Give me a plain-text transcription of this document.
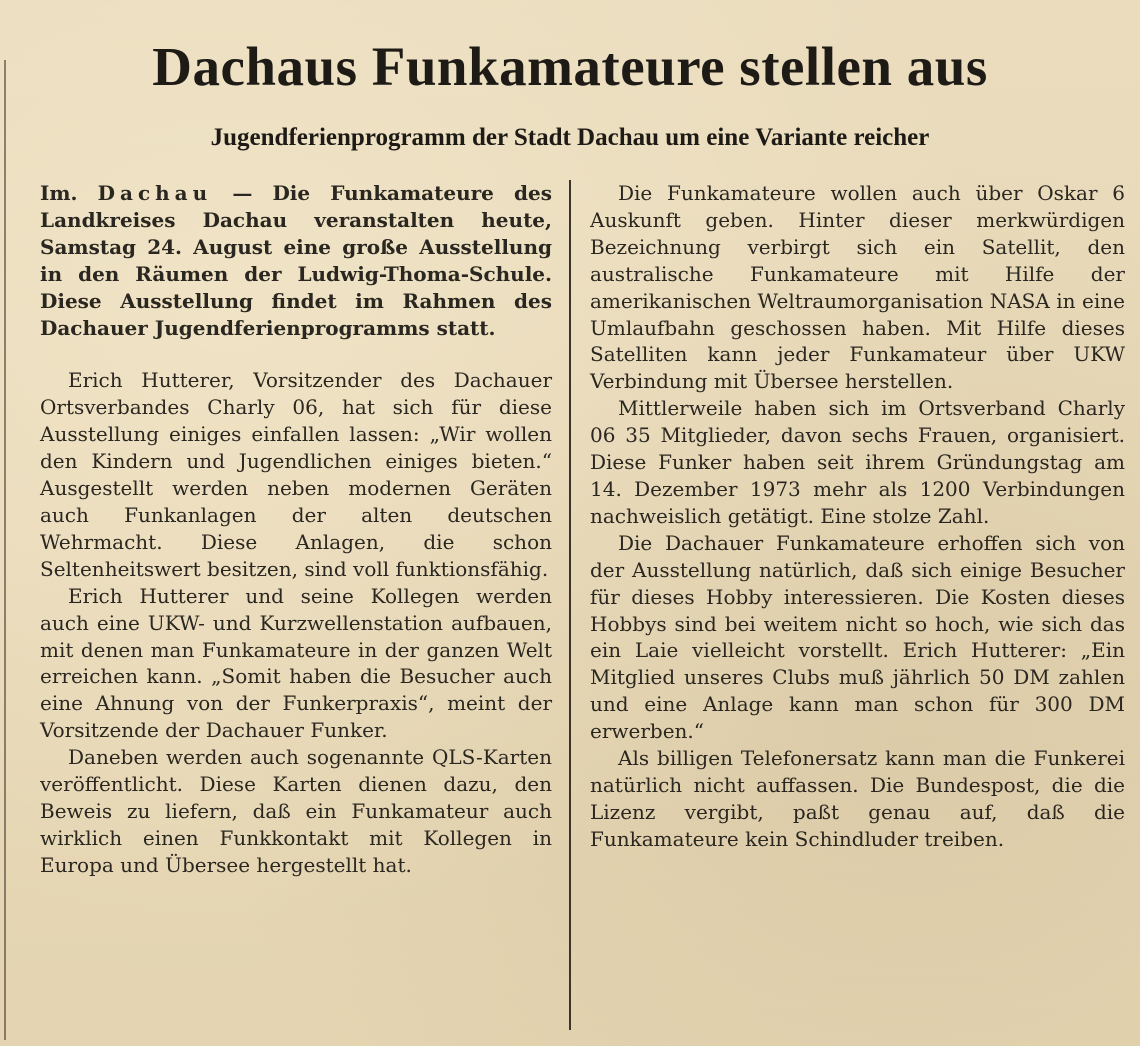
Dachaus Funkamateure stellen aus
Jugendferienprogramm der Stadt Dachau um eine Variante reicher

Im. Dachau — Die Funkamateure des Landkreises Dachau veranstalten heute, Samstag 24. August eine große Ausstellung in den Räumen der Ludwig-Thoma-Schule. Diese Ausstellung findet im Rahmen des Dachauer Jugendferienprogramms statt.

Erich Hutterer, Vorsitzender des Dachauer Ortsverbandes Charly 06, hat sich für diese Ausstellung einiges einfallen lassen: „Wir wollen den Kindern und Jugendlichen einiges bieten.“ Ausgestellt werden neben modernen Geräten auch Funkanlagen der alten deutschen Wehrmacht. Diese Anlagen, die schon Seltenheitswert besitzen, sind voll funktionsfähig.

Erich Hutterer und seine Kollegen werden auch eine UKW- und Kurzwellenstation aufbauen, mit denen man Funkamateure in der ganzen Welt erreichen kann. „Somit haben die Besucher auch eine Ahnung von der Funkerpraxis“, meint der Vorsitzende der Dachauer Funker.

Daneben werden auch sogenannte QLS-Karten veröffentlicht. Diese Karten dienen dazu, den Beweis zu liefern, daß ein Funkamateur auch wirklich einen Funkkontakt mit Kollegen in Europa und Übersee hergestellt hat.

Die Funkamateure wollen auch über Oskar 6 Auskunft geben. Hinter dieser merkwürdigen Bezeichnung verbirgt sich ein Satellit, den australische Funkamateure mit Hilfe der amerikanischen Weltraumorganisation NASA in eine Umlaufbahn geschossen haben. Mit Hilfe dieses Satelliten kann jeder Funkamateur über UKW Verbindung mit Übersee herstellen.

Mittlerweile haben sich im Ortsverband Charly 06 35 Mitglieder, davon sechs Frauen, organisiert. Diese Funker haben seit ihrem Gründungstag am 14. Dezember 1973 mehr als 1200 Verbindungen nachweislich getätigt. Eine stolze Zahl.

Die Dachauer Funkamateure erhoffen sich von der Ausstellung natürlich, daß sich einige Besucher für dieses Hobby interessieren. Die Kosten dieses Hobbys sind bei weitem nicht so hoch, wie sich das ein Laie vielleicht vorstellt. Erich Hutterer: „Ein Mitglied unseres Clubs muß jährlich 50 DM zahlen und eine Anlage kann man schon für 300 DM erwerben.“

Als billigen Telefonersatz kann man die Funkerei natürlich nicht auffassen. Die Bundespost, die die Lizenz vergibt, paßt genau auf, daß die Funkamateure kein Schindluder treiben.
